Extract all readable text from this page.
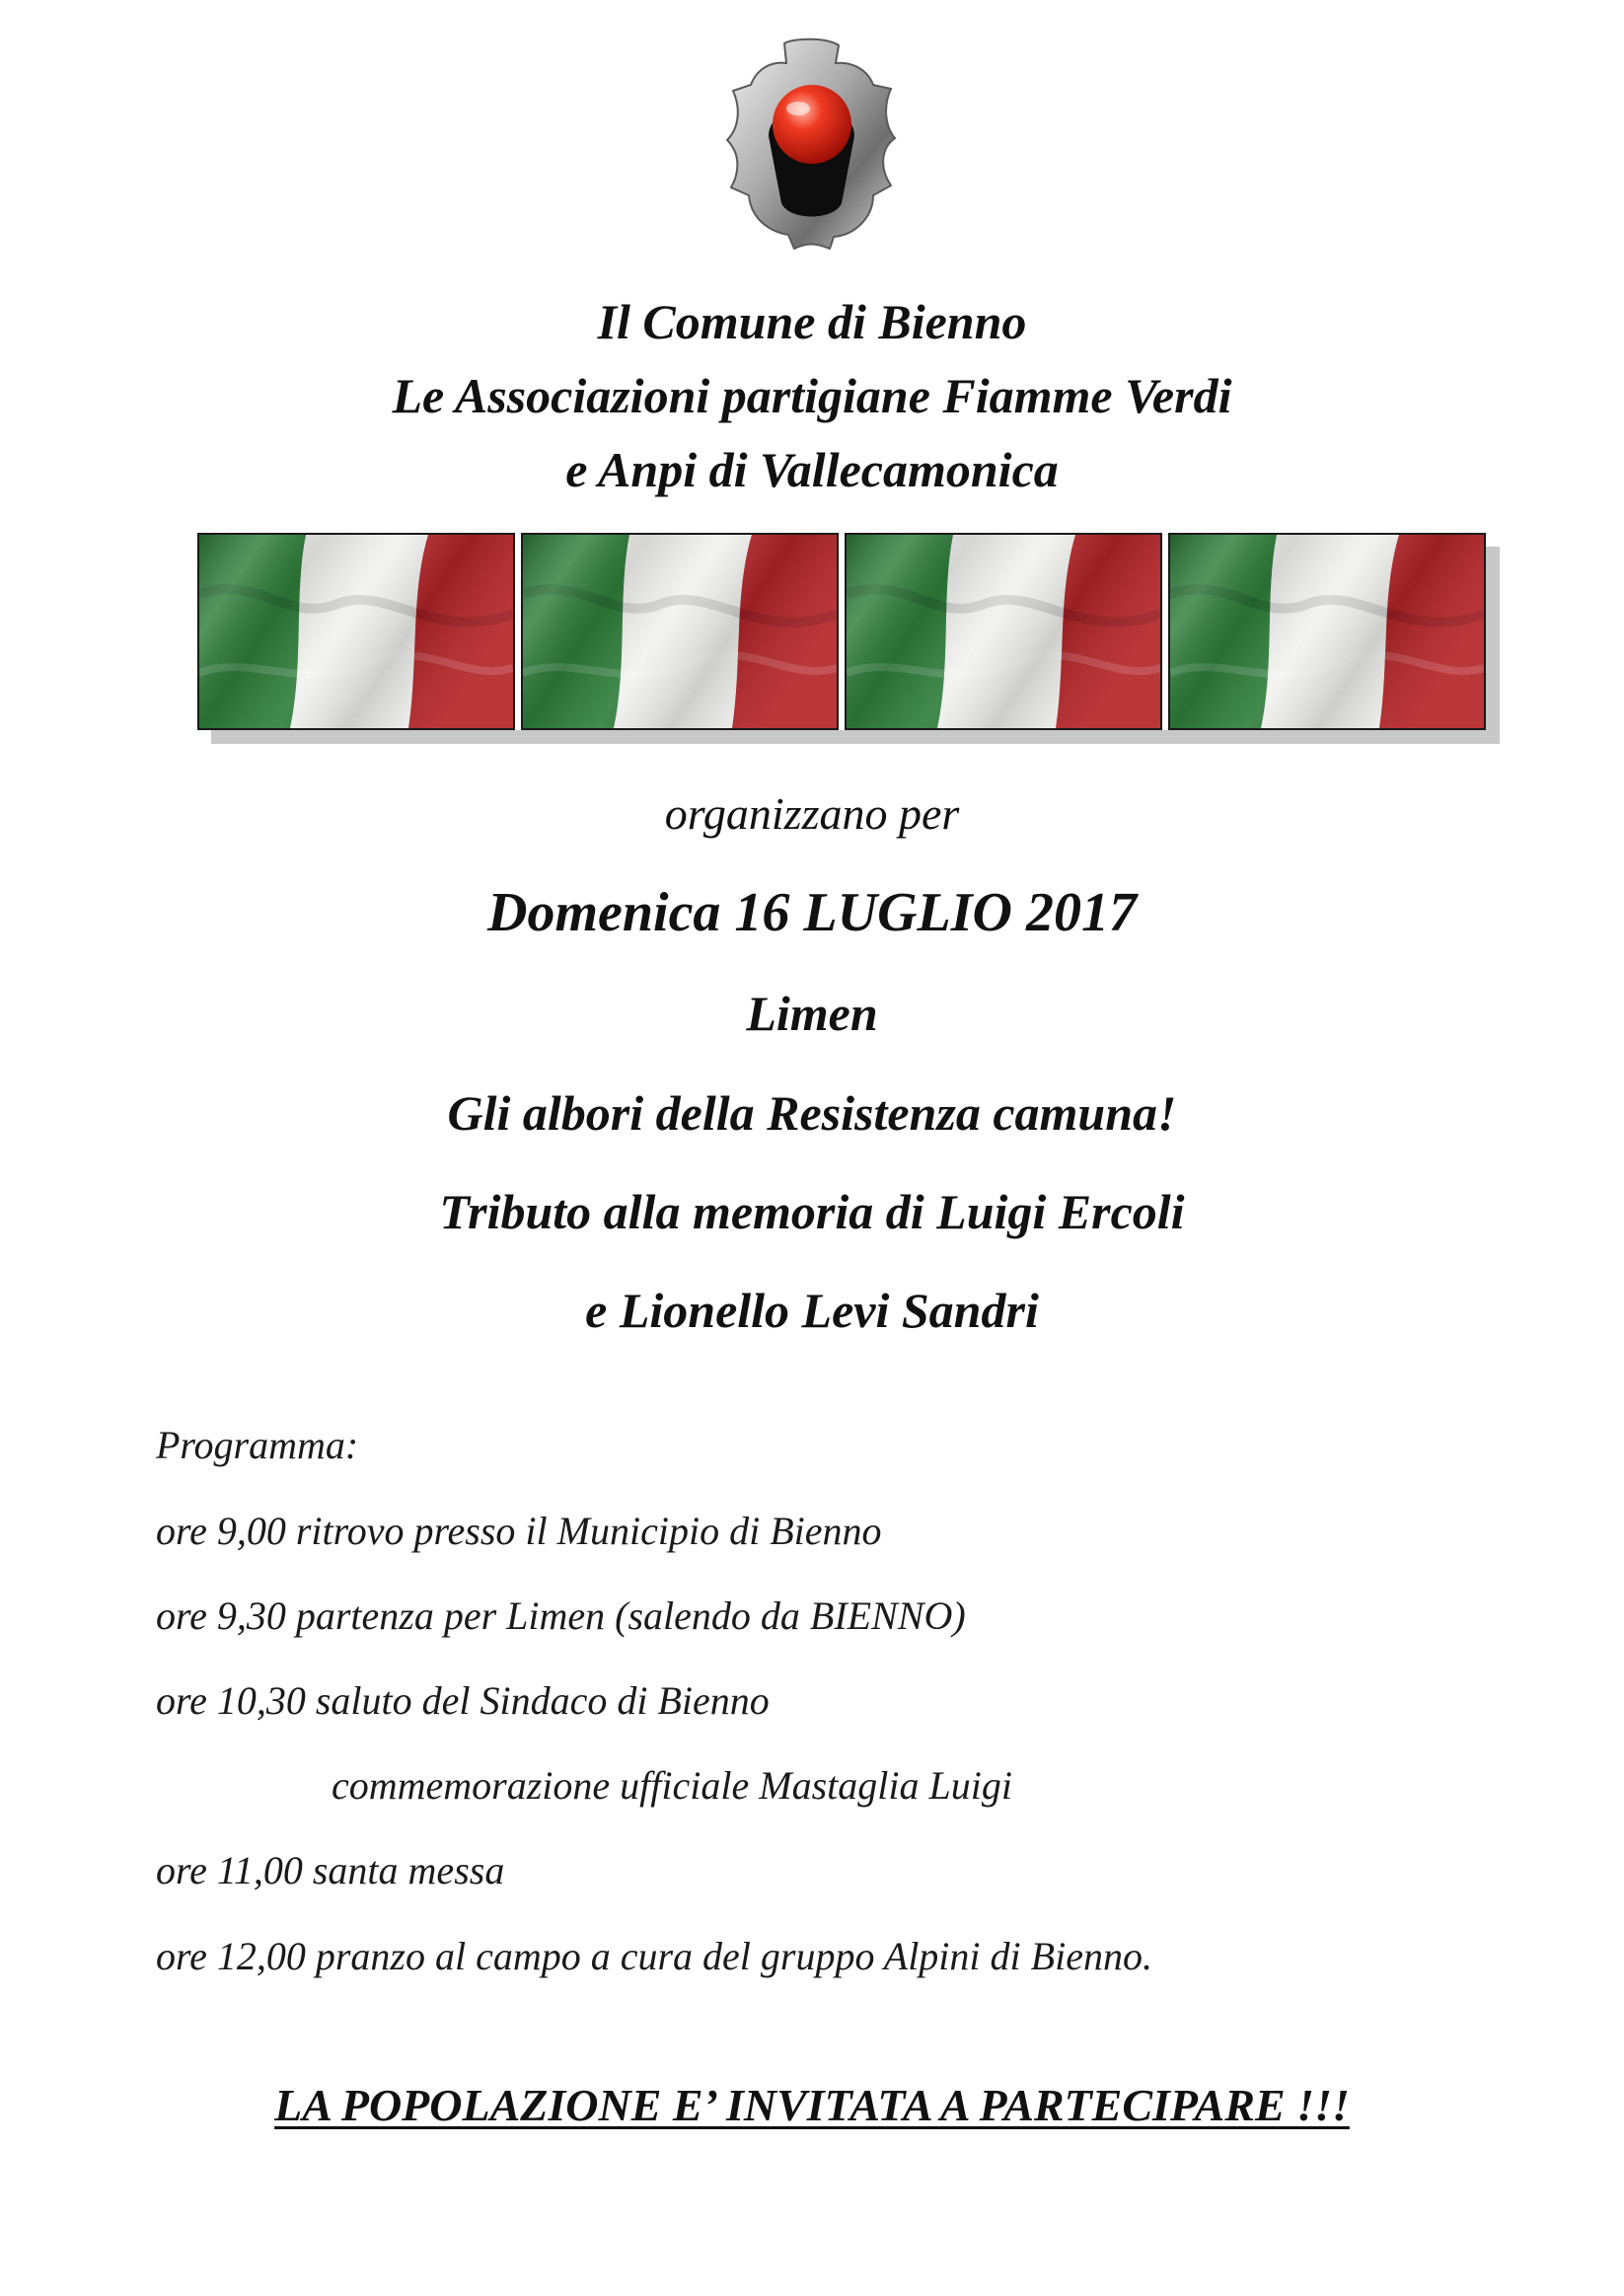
Il Comune di Bienno
Le Associazioni partigiane Fiamme Verdi
e Anpi di Vallecamonica
organizzano per
Domenica 16 LUGLIO 2017
Limen
Gli albori della Resistenza camuna!
Tributo alla memoria di Luigi Ercoli
e Lionello Levi Sandri
Programma:
ore 9,00 ritrovo presso il Municipio di Bienno
ore 9,30 partenza per Limen (salendo da BIENNO)
ore 10,30 saluto del Sindaco di Bienno
commemorazione ufficiale Mastaglia Luigi
ore 11,00 santa messa
ore 12,00 pranzo al campo a cura del gruppo Alpini di Bienno.
LA POPOLAZIONE E’ INVITATA A PARTECIPARE !!!
